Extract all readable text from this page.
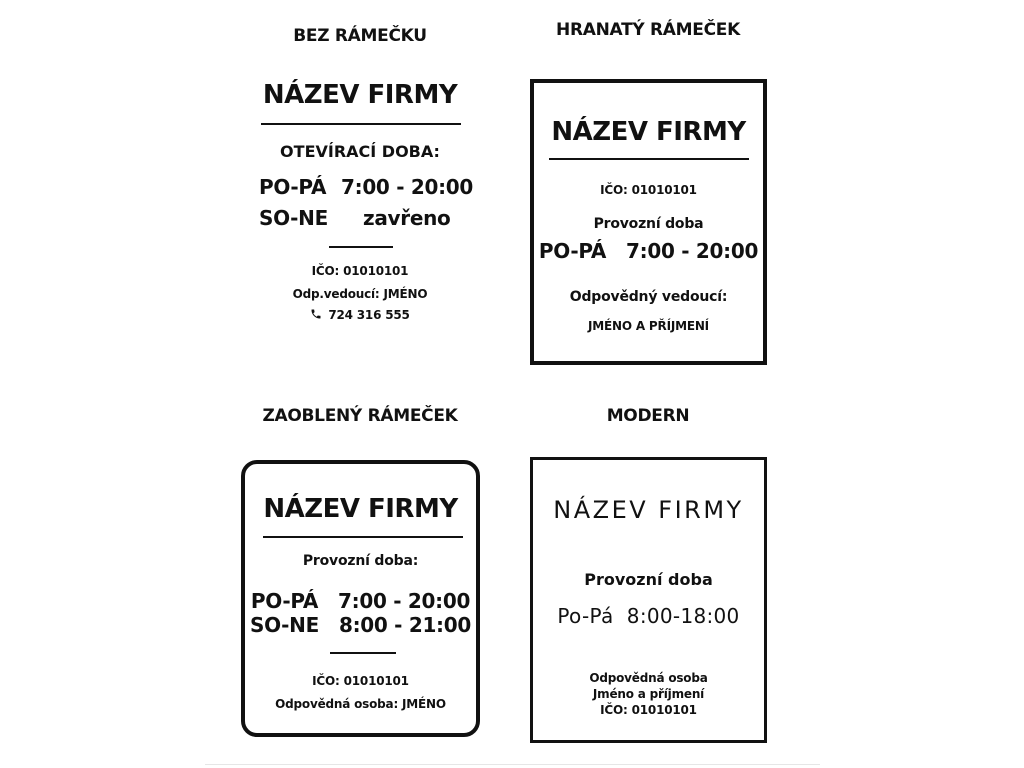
BEZ RÁMEČKU	HRANATÝ RÁMEČEK
ZAOBLENÝ RÁMEČEK	MODERN
NÁZEV FIRMY
OTEVÍRACÍ DOBA:
PO-PÁ 7:00 - 20:00
SO-NE zavřeno
IČO: 01010101
Odp.vedoucí: JMÉNO
724 316 555
NÁZEV FIRMY
IČO: 01010101
Provozní doba
PO-PÁ   7:00 - 20:00
Odpovědný vedoucí:
JMÉNO A PŘÍJMENÍ
NÁZEV FIRMY
Provozní doba:
PO-PÁ   7:00 - 20:00
SO-NE   8:00 - 21:00
IČO: 01010101
Odpovědná osoba: JMÉNO
NÁZEV FIRMY
Provozní doba
Po-Pá  8:00-18:00
Odpovědná osoba
Jméno a příjmení
IČO: 01010101
